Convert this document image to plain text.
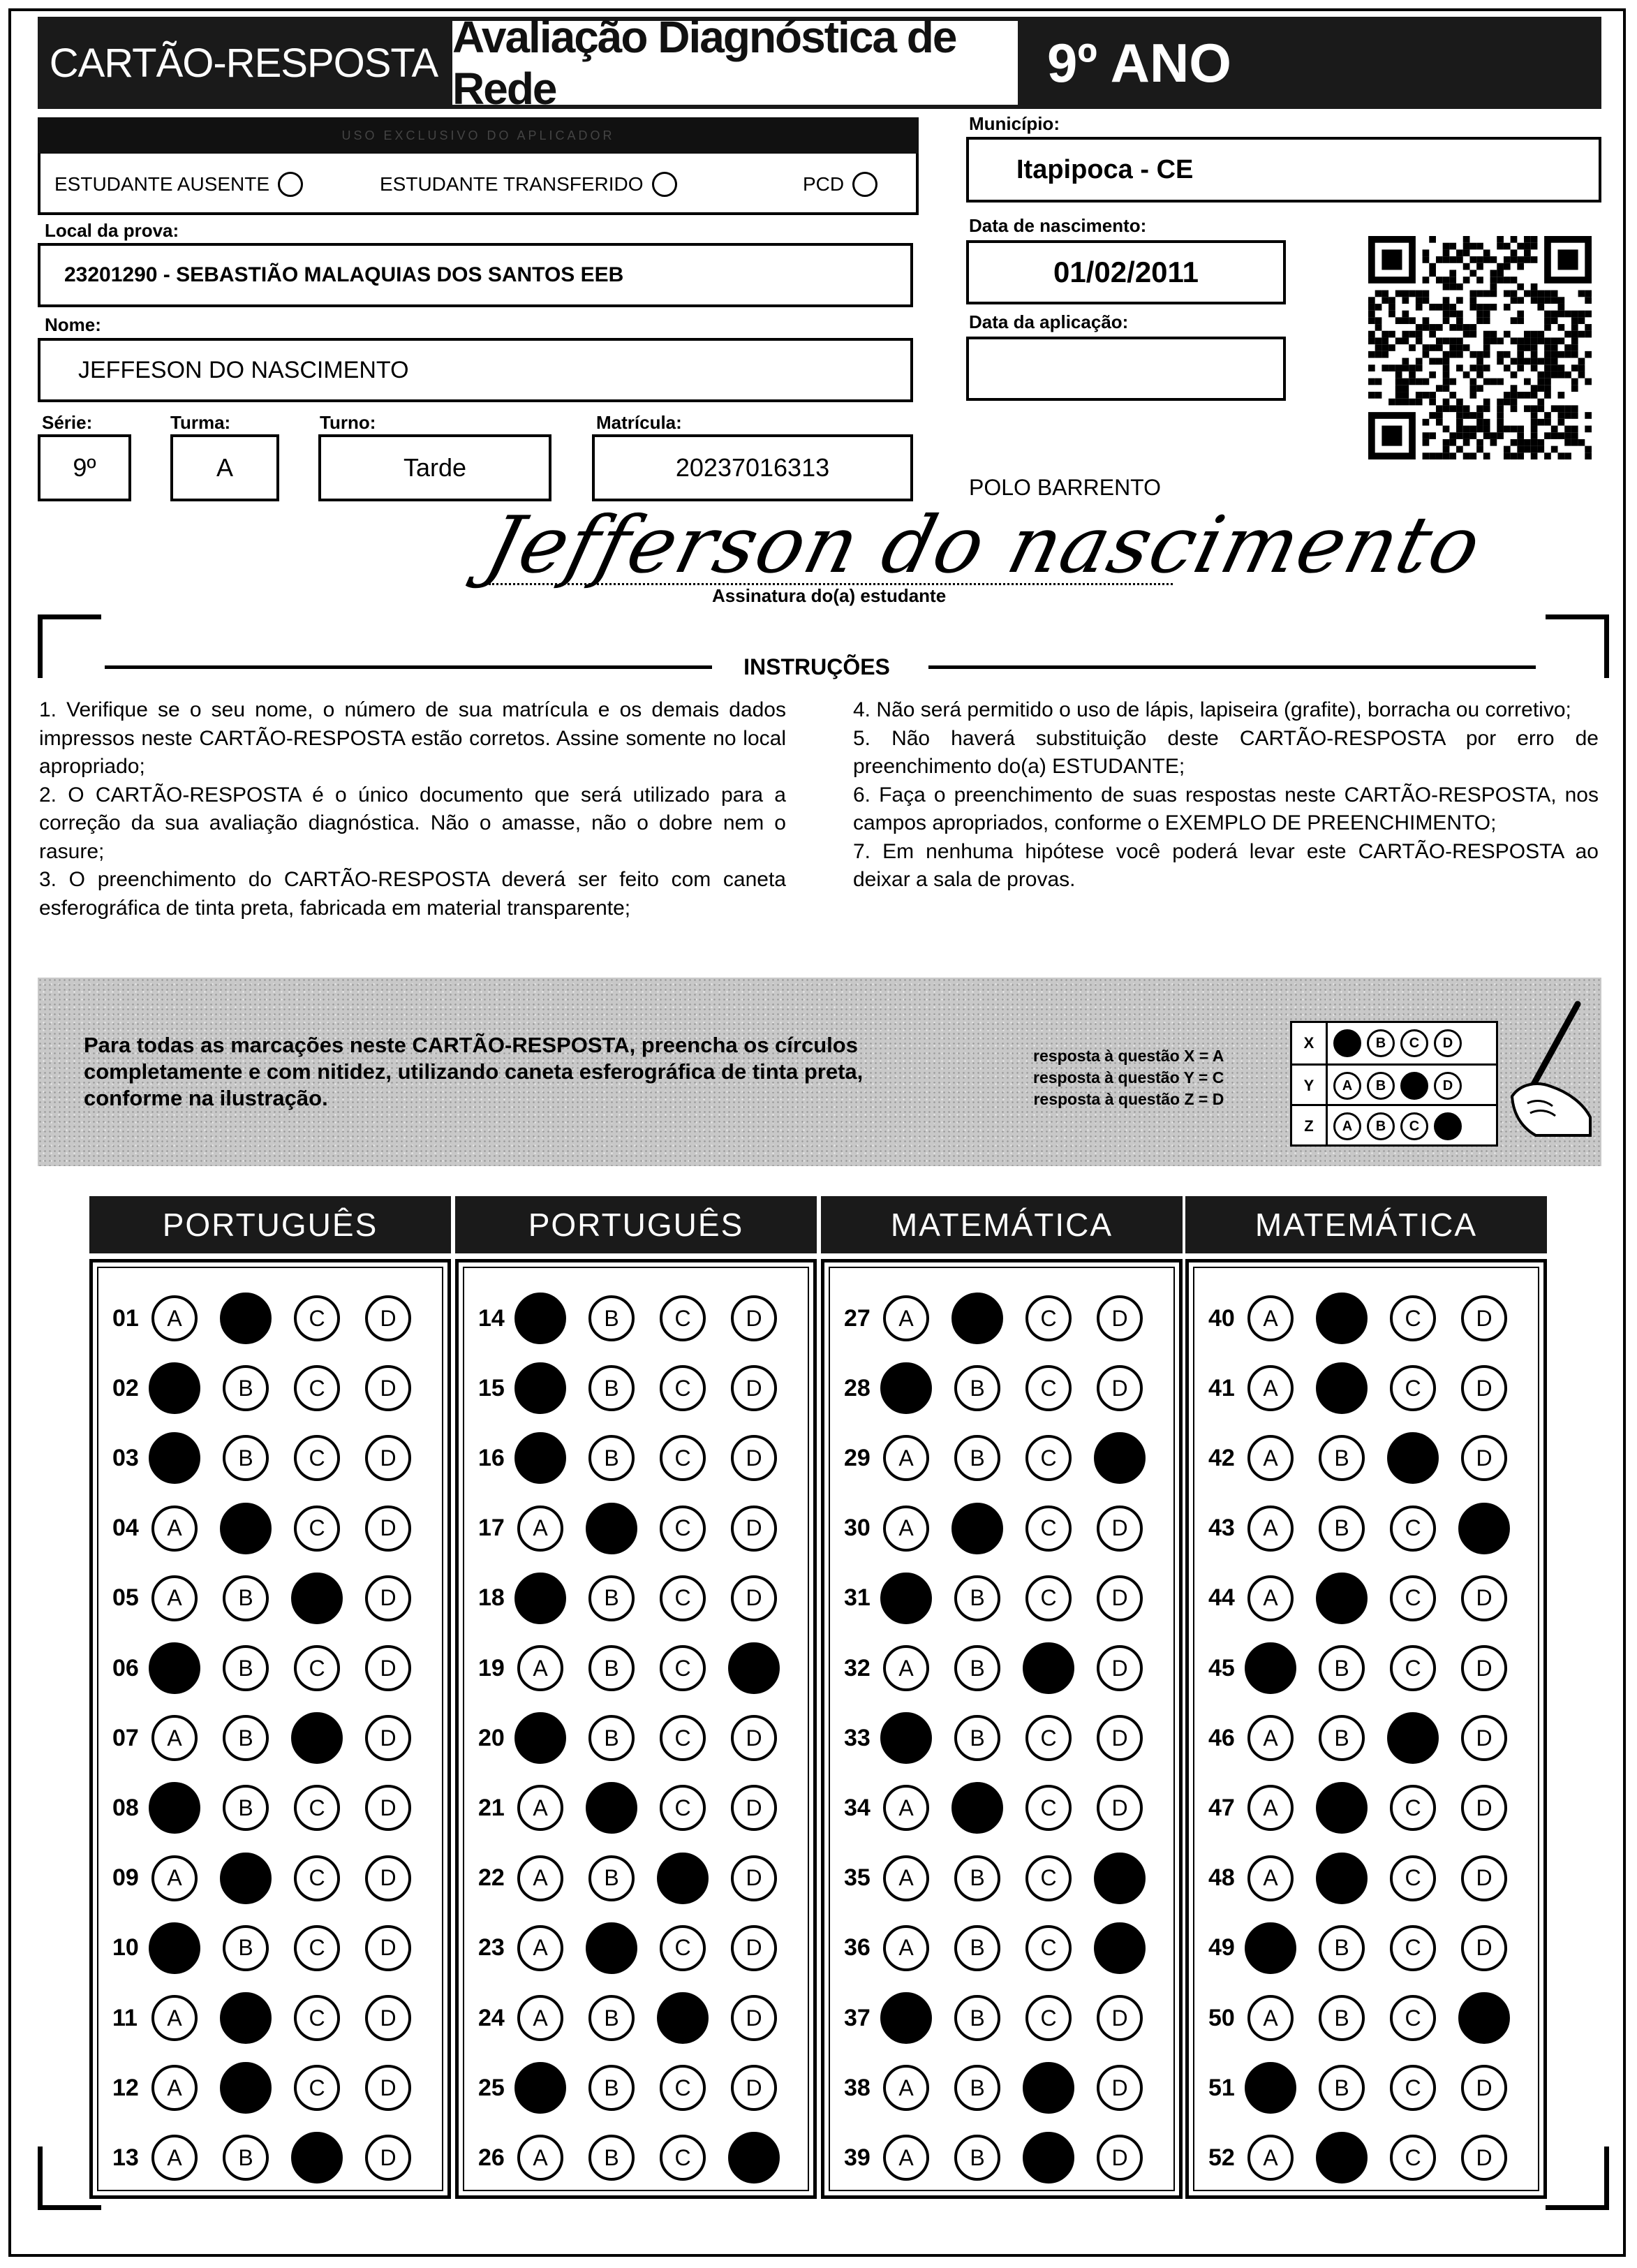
CARTÃO-RESPOSTA
Avaliação Diagnóstica de Rede	9º ANO
USO EXCLUSIVO DO APLICADOR
ESTUDANTE AUSENTE	ESTUDANTE TRANSFERIDO	PCD
Local da prova:
23201290 - SEBASTIÃO MALAQUIAS DOS SANTOS EEB
Nome:
JEFFESON DO NASCIMENTO
Série:
9º
Turma:
A
Turno:
Tarde
Matrícula:
20237016313
Município:
Itapipoca - CE
Data de nascimento:
01/02/2011
Data da aplicação:
POLO BARRENTO
Jefferson do nascimento
Assinatura do(a) estudante
INSTRUÇÕES

1. Verifique se o seu nome, o número de sua matrícula e os demais dados impressos neste CARTÃO-RESPOSTA estão corretos. Assine somente no local apropriado;

2. O CARTÃO-RESPOSTA é o único documento que será utilizado para a correção da sua avaliação diagnóstica. Não o amasse, não o dobre nem o rasure;

3. O preenchimento do CARTÃO-RESPOSTA deverá ser feito com caneta esferográfica de tinta preta, fabricada em material transparente;

4. Não será permitido o uso de lápis, lapiseira (grafite), borracha ou corretivo;

5. Não haverá substituição deste CARTÃO-RESPOSTA por erro de preenchimento do(a) ESTUDANTE;

6. Faça o preenchimento de suas respostas neste CARTÃO-RESPOSTA, nos campos apropriados, conforme o EXEMPLO DE PREENCHIMENTO;

7. Em nenhuma hipótese você poderá levar este CARTÃO-RESPOSTA ao deixar a sala de provas.

Para todas as marcações neste CARTÃO-RESPOSTA, preencha os círculos completamente e com nitidez, utilizando caneta esferográfica de tinta preta, conforme na ilustração.
resposta à questão X = A
resposta à questão Y = C
resposta à questão Z = D
X	A	B	C	D
Y	A	B	C	D
Z	A	B	C	D
PORTUGUÊS
01	A	B	C	D
02	A	B	C	D
03	A	B	C	D
04	A	B	C	D
05	A	B	C	D
06	A	B	C	D
07	A	B	C	D
08	A	B	C	D
09	A	B	C	D
10	A	B	C	D
11	A	B	C	D
12	A	B	C	D
13	A	B	C	D
PORTUGUÊS
14	A	B	C	D
15	A	B	C	D
16	A	B	C	D
17	A	B	C	D
18	A	B	C	D
19	A	B	C	D
20	A	B	C	D
21	A	B	C	D
22	A	B	C	D
23	A	B	C	D
24	A	B	C	D
25	A	B	C	D
26	A	B	C	D
MATEMÁTICA
27	A	B	C	D
28	A	B	C	D
29	A	B	C	D
30	A	B	C	D
31	A	B	C	D
32	A	B	C	D
33	A	B	C	D
34	A	B	C	D
35	A	B	C	D
36	A	B	C	D
37	A	B	C	D
38	A	B	C	D
39	A	B	C	D
MATEMÁTICA
40	A	B	C	D
41	A	B	C	D
42	A	B	C	D
43	A	B	C	D
44	A	B	C	D
45	A	B	C	D
46	A	B	C	D
47	A	B	C	D
48	A	B	C	D
49	A	B	C	D
50	A	B	C	D
51	A	B	C	D
52	A	B	C	D
